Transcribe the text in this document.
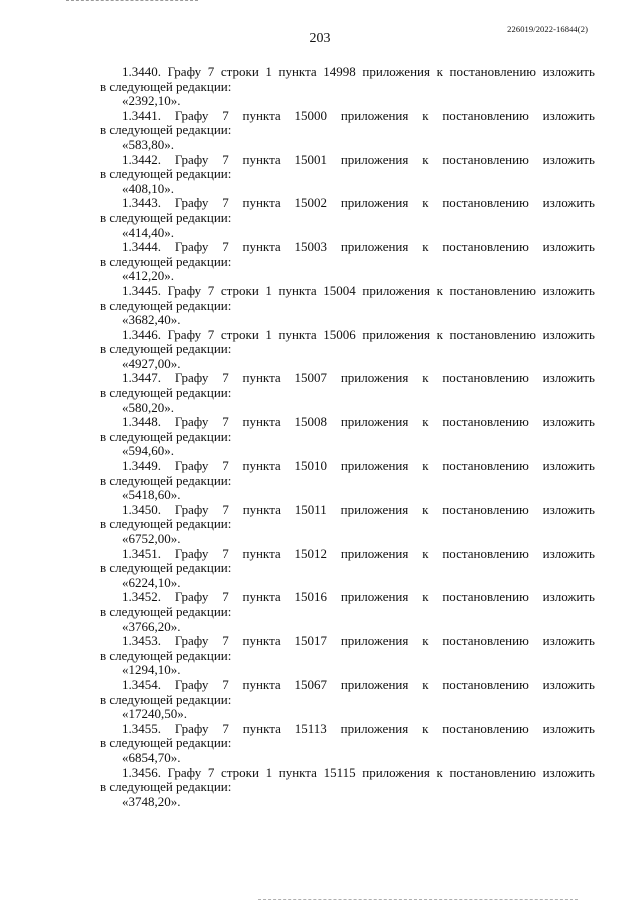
226019/2022-16844(2)
203
1.3440. Графу 7 строки 1 пункта 14998 приложения к постановлению изложить
в следующей редакции:
«2392,10».
1.3441. Графу 7 пункта 15000 приложения к постановлению изложить
в следующей редакции:
«583,80».
1.3442. Графу 7 пункта 15001 приложения к постановлению изложить
в следующей редакции:
«408,10».
1.3443. Графу 7 пункта 15002 приложения к постановлению изложить
в следующей редакции:
«414,40».
1.3444. Графу 7 пункта 15003 приложения к постановлению изложить
в следующей редакции:
«412,20».
1.3445. Графу 7 строки 1 пункта 15004 приложения к постановлению изложить
в следующей редакции:
«3682,40».
1.3446. Графу 7 строки 1 пункта 15006 приложения к постановлению изложить
в следующей редакции:
«4927,00».
1.3447. Графу 7 пункта 15007 приложения к постановлению изложить
в следующей редакции:
«580,20».
1.3448. Графу 7 пункта 15008 приложения к постановлению изложить
в следующей редакции:
«594,60».
1.3449. Графу 7 пункта 15010 приложения к постановлению изложить
в следующей редакции:
«5418,60».
1.3450. Графу 7 пункта 15011 приложения к постановлению изложить
в следующей редакции:
«6752,00».
1.3451. Графу 7 пункта 15012 приложения к постановлению изложить
в следующей редакции:
«6224,10».
1.3452. Графу 7 пункта 15016 приложения к постановлению изложить
в следующей редакции:
«3766,20».
1.3453. Графу 7 пункта 15017 приложения к постановлению изложить
в следующей редакции:
«1294,10».
1.3454. Графу 7 пункта 15067 приложения к постановлению изложить
в следующей редакции:
«17240,50».
1.3455. Графу 7 пункта 15113 приложения к постановлению изложить
в следующей редакции:
«6854,70».
1.3456. Графу 7 строки 1 пункта 15115 приложения к постановлению изложить
в следующей редакции:
«3748,20».
